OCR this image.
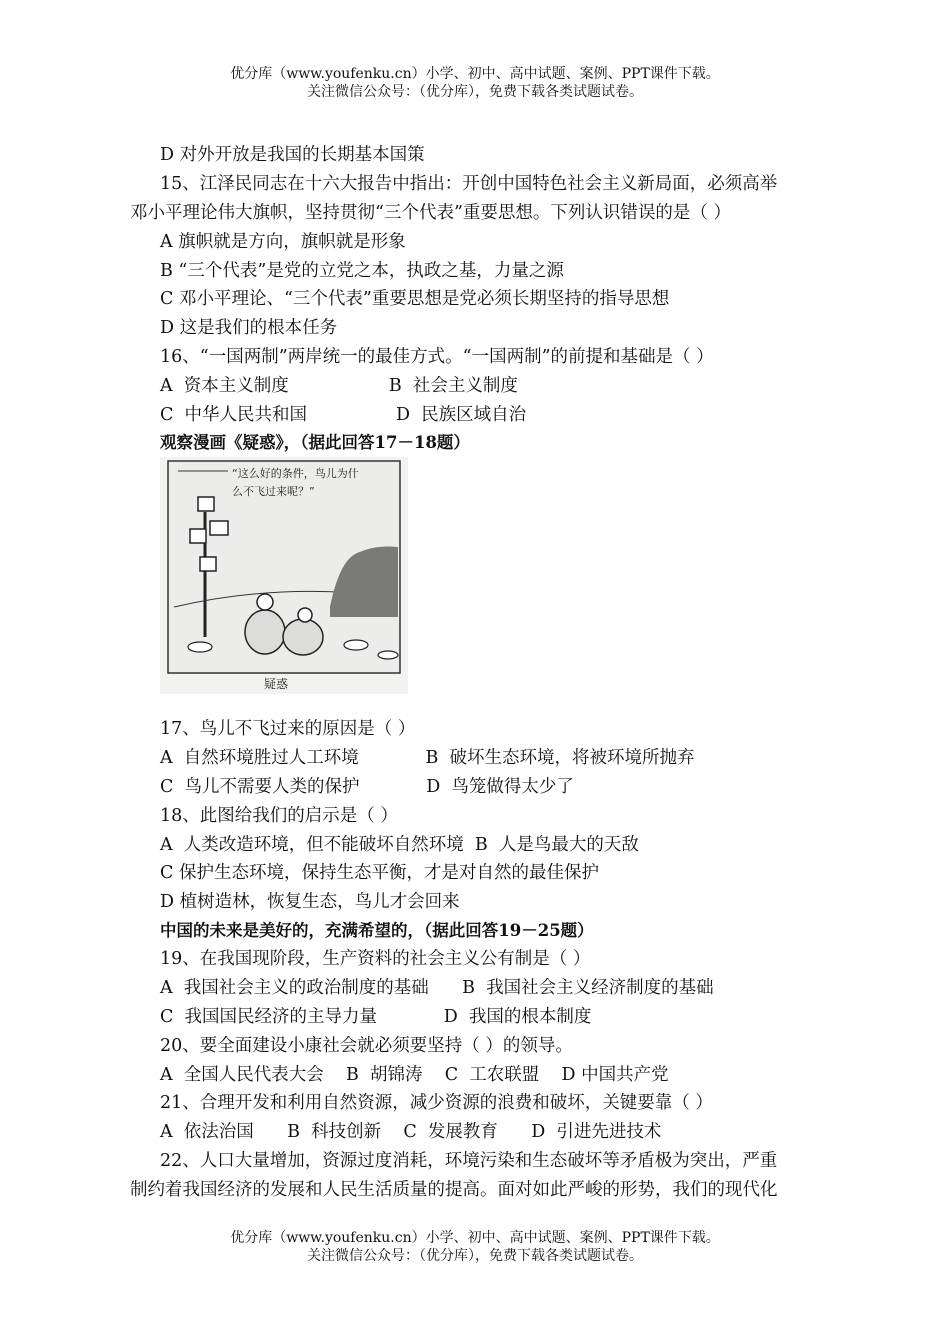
优分库（www.youfenku.cn）小学、初中、高中试题、案例、PPT课件下载。
关注微信公众号：（优分库），免费下载各类试题试卷。
D 对外开放是我国的长期基本国策
15、江泽民同志在十六大报告中指出：开创中国特色社会主义新局面，必须高举
邓小平理论伟大旗帜，坚持贯彻“三个代表”重要思想。下列认识错误的是（ ）
A 旗帜就是方向，旗帜就是形象
B “三个代表”是党的立党之本，执政之基，力量之源
C 邓小平理论、“三个代表”重要思想是党必须长期坚持的指导思想
D 这是我们的根本任务
16、“一国两制”两岸统一的最佳方式。“一国两制”的前提和基础是（ ）
A  资本主义制度                  B  社会主义制度
C  中华人民共和国                D  民族区域自治
观察漫画《疑惑》，（据此回答17－18题）
“这么好的条件，鸟儿为什
么不飞过来呢？”
疑惑
17、鸟儿不飞过来的原因是（ ）
A  自然环境胜过人工环境            B  破坏生态环境，将被环境所抛弃
C  鸟儿不需要人类的保护            D  鸟笼做得太少了
18、此图给我们的启示是（ ）
A  人类改造环境，但不能破坏自然环境  B  人是鸟最大的天敌
C 保护生态环境，保持生态平衡，才是对自然的最佳保护
D 植树造林，恢复生态，鸟儿才会回来
中国的未来是美好的，充满希望的，（据此回答19－25题）
19、在我国现阶段，生产资料的社会主义公有制是（ ）
A  我国社会主义的政治制度的基础      B  我国社会主义经济制度的基础
C  我国国民经济的主导力量            D  我国的根本制度
20、要全面建设小康社会就必须要坚持（ ）的领导。
A  全国人民代表大会    B  胡锦涛    C  工农联盟    D 中国共产党
21、合理开发和利用自然资源，减少资源的浪费和破坏，关键要靠（ ）
A  依法治国      B  科技创新    C  发展教育      D  引进先进技术
22、人口大量增加，资源过度消耗，环境污染和生态破坏等矛盾极为突出，严重
制约着我国经济的发展和人民生活质量的提高。面对如此严峻的形势，我们的现代化
优分库（www.youfenku.cn）小学、初中、高中试题、案例、PPT课件下载。
关注微信公众号：（优分库），免费下载各类试题试卷。
